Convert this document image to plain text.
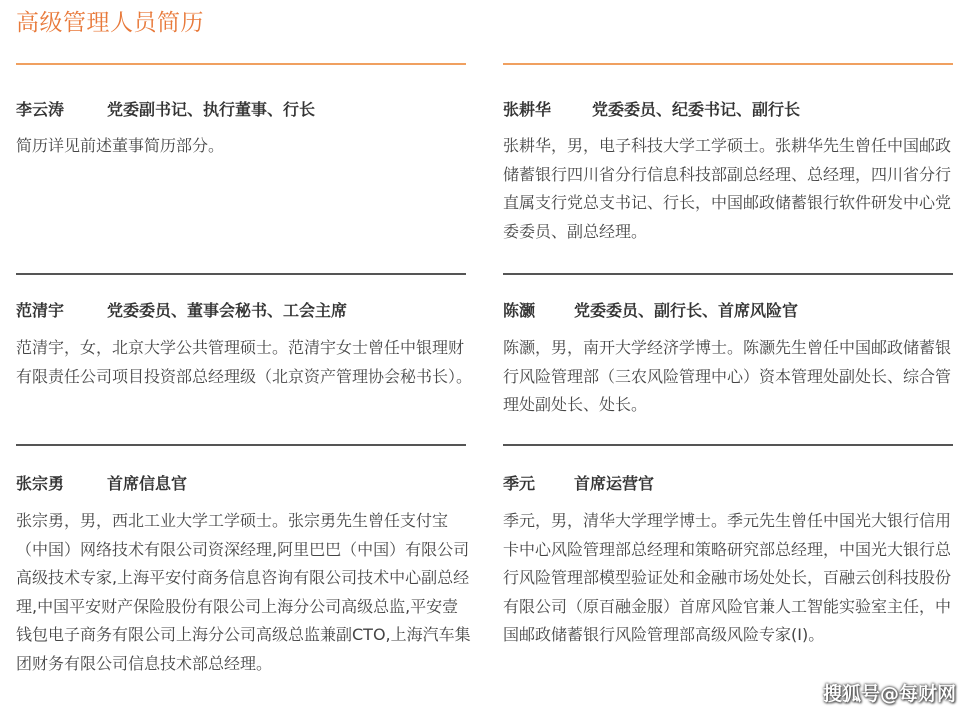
高级管理人员简历
李云涛	党委副书记、执行董事、行长
简历详见前述董事简历部分。
范清宇	党委委员、董事会秘书、工会主席
范清宇，女，北京大学公共管理硕士。范清宇女士曾任中银理财有限责任公司项目投资部总经理级（北京资产管理协会秘书长）。
张宗勇	首席信息官
张宗勇，男，西北工业大学工学硕士。张宗勇先生曾任支付宝（中国）网络技术有限公司资深经理,阿里巴巴（中国）有限公司高级技术专家,上海平安付商务信息咨询有限公司技术中心副总经理,中国平安财产保险股份有限公司上海分公司高级总监,平安壹钱包电子商务有限公司上海分公司高级总监兼副CTO,上海汽车集团财务有限公司信息技术部总经理。
张耕华	党委委员、纪委书记、副行长
张耕华，男，电子科技大学工学硕士。张耕华先生曾任中国邮政储蓄银行四川省分行信息科技部副总经理、总经理，四川省分行直属支行党总支书记、行长，中国邮政储蓄银行软件研发中心党委委员、副总经理。
陈灏 党委委员、副行长、首席风险官
陈灏，男，南开大学经济学博士。陈灏先生曾任中国邮政储蓄银行风险管理部（三农风险管理中心）资本管理处副处长、综合管理处副处长、处长。
季元 首席运营官
季元，男，清华大学理学博士。季元先生曾任中国光大银行信用卡中心风险管理部总经理和策略研究部总经理，中国光大银行总行风险管理部模型验证处和金融市场处处长，百融云创科技股份有限公司（原百融金服）首席风险官兼人工智能实验室主任，中国邮政储蓄银行风险管理部高级风险专家(I)。
搜狐号@每财网
